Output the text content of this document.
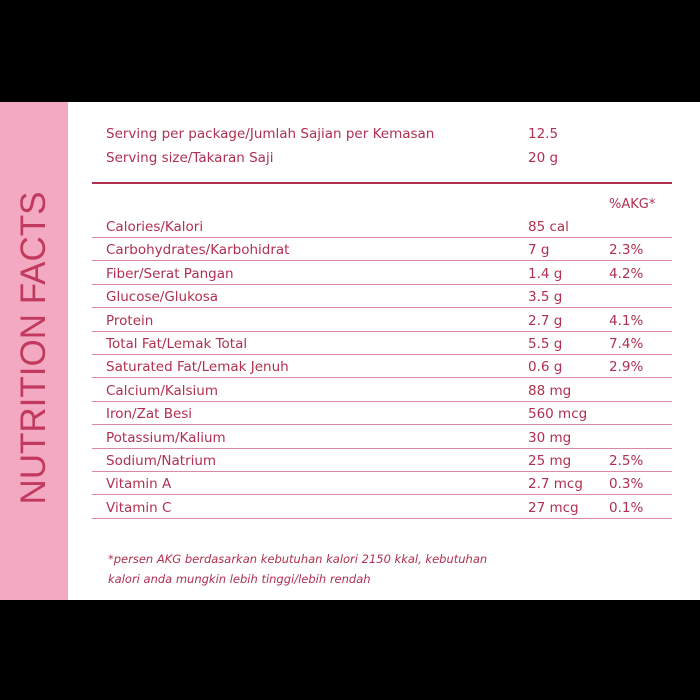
NUTRITION FACTS
Serving per package/Jumlah Sajian per Kemasan	12.5
Serving size/Takaran Saji	20 g
%AKG*
Calories/Kalori	85 cal
Carbohydrates/Karbohidrat	7 g	2.3%
Fiber/Serat Pangan	1.4 g	4.2%
Glucose/Glukosa	3.5 g
Protein	2.7 g	4.1%
Total Fat/Lemak Total	5.5 g	7.4%
Saturated Fat/Lemak Jenuh	0.6 g	2.9%
Calcium/Kalsium	88 mg
Iron/Zat Besi	560 mcg
Potassium/Kalium	30 mg
Sodium/Natrium	25 mg	2.5%
Vitamin A	2.7 mcg 0.3%
Vitamin C	27 mcg 0.1%
*persen AKG berdasarkan kebutuhan kalori 2150 kkal, kebutuhan
kalori anda mungkin lebih tinggi/lebih rendah
